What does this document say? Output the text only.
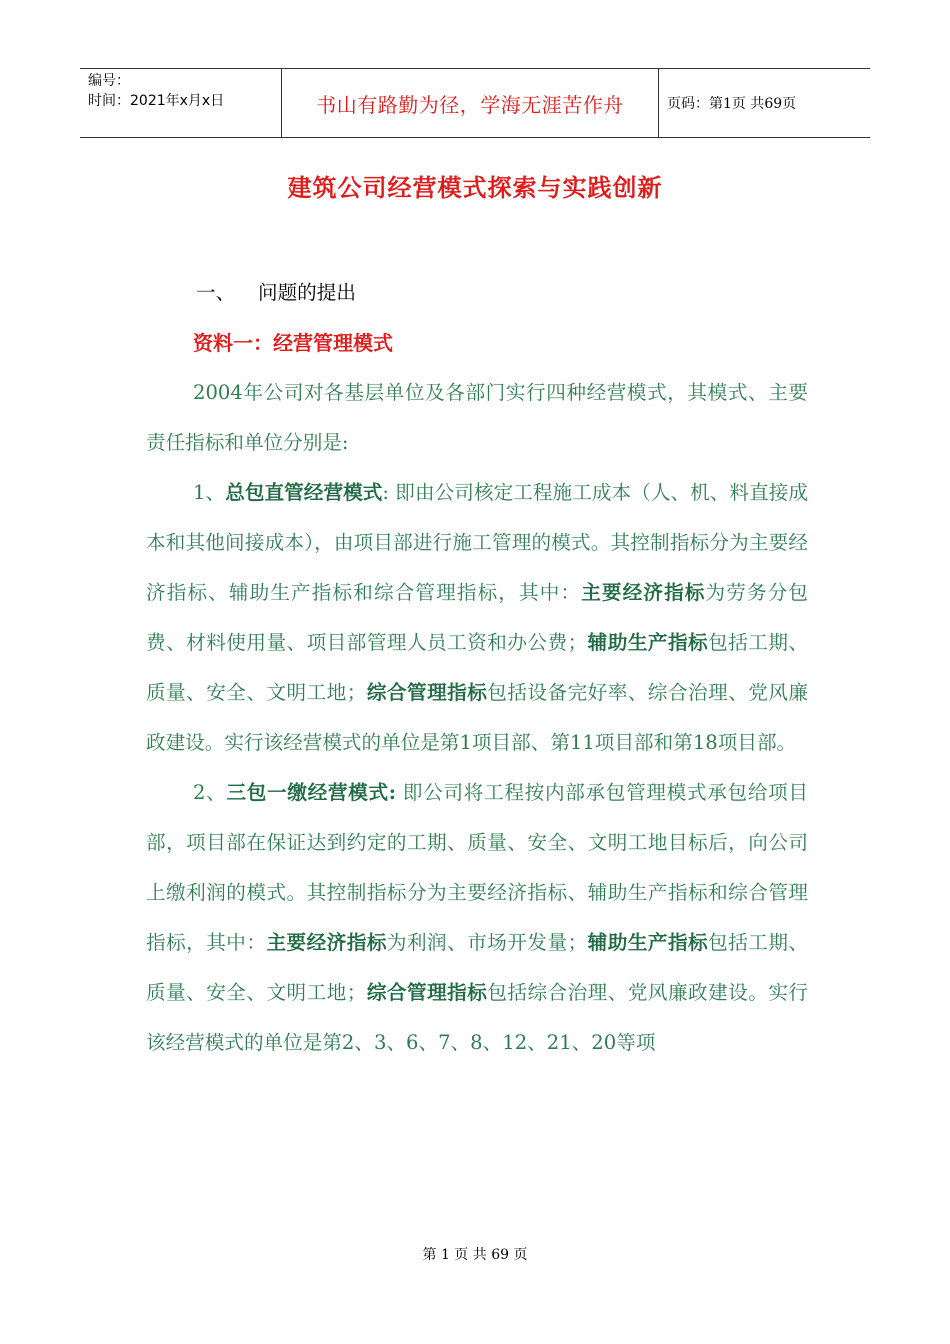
编号：
时间：2021年x月x日	书山有路勤为径，学海无涯苦作舟	页码：第1页 共69页
建筑公司经营模式探索与实践创新

一、 问题的提出

资料一：经营管理模式

2004年公司对各基层单位及各部门实行四种经营模式，其模式、主要责任指标和单位分别是:

1、总包直管经营模式: 即由公司核定工程施工成本（人、机、料直接成本和其他间接成本），由项目部进行施工管理的模式。其控制指标分为主要经济指标、辅助生产指标和综合管理指标，其中：主要经济指标为劳务分包费、材料使用量、项目部管理人员工资和办公费；辅助生产指标包括工期、质量、安全、文明工地；综合管理指标包括设备完好率、综合治理、党风廉政建设。实行该经营模式的单位是第1项目部、第11项目部和第18项目部。

2、三包一缴经营模式: 即公司将工程按内部承包管理模式承包给项目部，项目部在保证达到约定的工期、质量、安全、文明工地目标后，向公司上缴利润的模式。其控制指标分为主要经济指标、辅助生产指标和综合管理指标，其中：主要经济指标为利润、市场开发量；辅助生产指标包括工期、质量、安全、文明工地；综合管理指标包括综合治理、党风廉政建设。实行该经营模式的单位是第2、3、6、7、8、12、21、20等项

第 1 页 共 69 页
